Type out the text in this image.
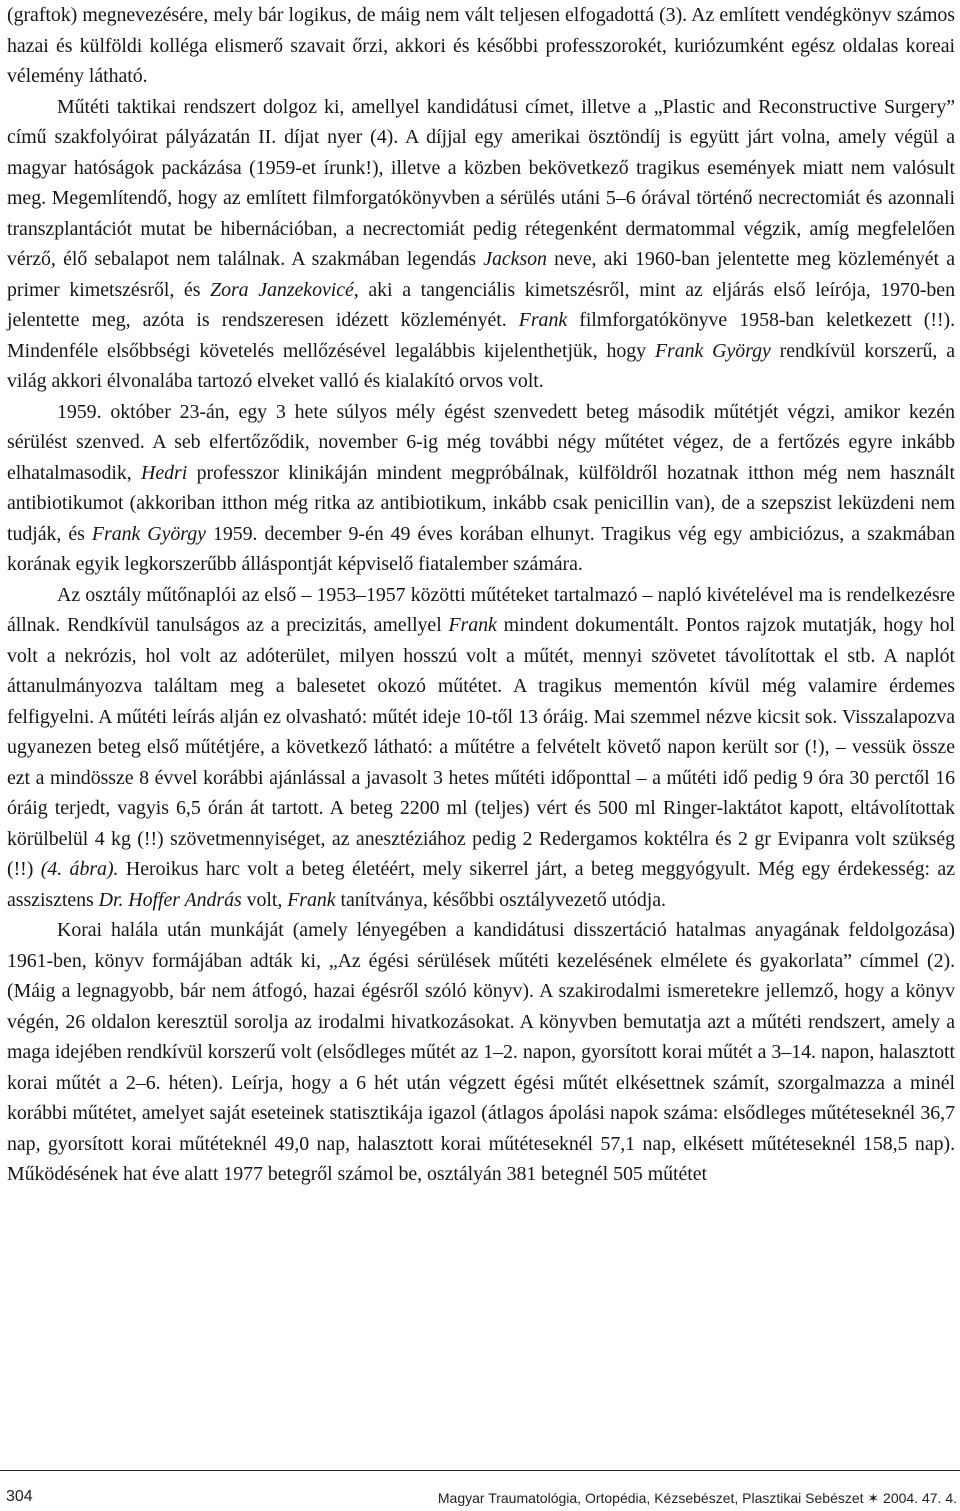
(graftok) megnevezésére, mely bár logikus, de máig nem vált teljesen elfogadottá (3). Az említett vendégkönyv számos hazai és külföldi kolléga elismerő szavait őrzi, akkori és későbbi professzorokét, kuriózumként egész oldalas koreai vélemény látható.

Műtéti taktikai rendszert dolgoz ki, amellyel kandidátusi címet, illetve a „Plastic and Reconstructive Surgery” című szakfolyóirat pályázatán II. díjat nyer (4). A díjjal egy amerikai ösztöndíj is együtt járt volna, amely végül a magyar hatóságok packázása (1959-et írunk!), illetve a közben bekövetkező tragikus események miatt nem valósult meg. Megemlítendő, hogy az említett filmforgatókönyvben a sérülés utáni 5–6 órával történő necrectomiát és azonnali transzplantációt mutat be hibernációban, a necrectomiát pedig rétegenként dermatommal végzik, amíg megfelelően vérző, élő sebalapot nem találnak. A szakmában legendás Jackson neve, aki 1960-ban jelentette meg közleményét a primer kimetszésről, és Zora Janzekovicé, aki a tangenciális kimetszésről, mint az eljárás első leírója, 1970-ben jelentette meg, azóta is rendszeresen idézett közleményét. Frank filmforgatókönyve 1958-ban keletkezett (!!). Mindenféle elsőbbségi követelés mellőzésével legalábbis kijelenthetjük, hogy Frank György rendkívül korszerű, a világ akkori élvonalába tartozó elveket valló és kialakító orvos volt.

1959. október 23-án, egy 3 hete súlyos mély égést szenvedett beteg második műtétjét végzi, amikor kezén sérülést szenved. A seb elfertőződik, november 6-ig még további négy műtétet végez, de a fertőzés egyre inkább elhatalmasodik, Hedri professzor klinikáján mindent megpróbálnak, külföldről hozatnak itthon még nem használt antibiotikumot (akkoriban itthon még ritka az antibiotikum, inkább csak penicillin van), de a szepszist leküzdeni nem tudják, és Frank György 1959. december 9-én 49 éves korában elhunyt. Tragikus vég egy ambiciózus, a szakmában korának egyik legkorszerűbb álláspontját képviselő fiatalember számára.

Az osztály műtőnaplói az első – 1953–1957 közötti műtéteket tartalmazó – napló kivételével ma is rendelkezésre állnak. Rendkívül tanulságos az a precizitás, amellyel Frank mindent dokumentált. Pontos rajzok mutatják, hogy hol volt a nekrózis, hol volt az adóterület, milyen hosszú volt a műtét, mennyi szövetet távolítottak el stb. A naplót áttanulmányozva találtam meg a balesetet okozó műtétet. A tragikus mementón kívül még valamire érdemes felfigyelni. A műtéti leírás alján ez olvasható: műtét ideje 10-től 13 óráig. Mai szemmel nézve kicsit sok. Visszalapozva ugyanezen beteg első műtétjére, a következő látható: a műtétre a felvételt követő napon került sor (!), – vessük össze ezt a mindössze 8 évvel korábbi ajánlással a javasolt 3 hetes műtéti időponttal – a műtéti idő pedig 9 óra 30 perctől 16 óráig terjedt, vagyis 6,5 órán át tartott. A beteg 2200 ml (teljes) vért és 500 ml Ringer-laktátot kapott, eltávolítottak körülbelül 4 kg (!!) szövetmennyiséget, az anesztéziához pedig 2 Redergamos koktélra és 2 gr Evipanra volt szükség (!!) (4. ábra). Heroikus harc volt a beteg életéért, mely sikerrel járt, a beteg meggyógyult. Még egy érdekesség: az asszisztens Dr. Hoffer András volt, Frank tanítványa, későbbi osztályvezető utódja.

Korai halála után munkáját (amely lényegében a kandidátusi disszertáció hatalmas anyagának feldolgozása) 1961-ben, könyv formájában adták ki, „Az égési sérülések műtéti kezelésének elmélete és gyakorlata” címmel (2). (Máig a legnagyobb, bár nem átfogó, hazai égésről szóló könyv). A szakirodalmi ismeretekre jellemző, hogy a könyv végén, 26 oldalon keresztül sorolja az irodalmi hivatkozásokat. A könyvben bemutatja azt a műtéti rendszert, amely a maga idejében rendkívül korszerű volt (elsődleges műtét az 1–2. napon, gyorsított korai műtét a 3–14. napon, halasztott korai műtét a 2–6. héten). Leírja, hogy a 6 hét után végzett égési műtét elkésettnek számít, szorgalmazza a minél korábbi műtétet, amelyet saját eseteinek statisztikája igazol (átlagos ápolási napok száma: elsődleges műtéteseknél 36,7 nap, gyorsított korai műtéteknél 49,0 nap, halasztott korai műtéteseknél 57,1 nap, elkésett műtéteseknél 158,5 nap). Működésének hat éve alatt 1977 betegről számol be, osztályán 381 betegnél 505 műtétet

304	Magyar Traumatológia, Ortopédia, Kézsebészet, Plasztikai Sebészet ✶ 2004. 47. 4.
